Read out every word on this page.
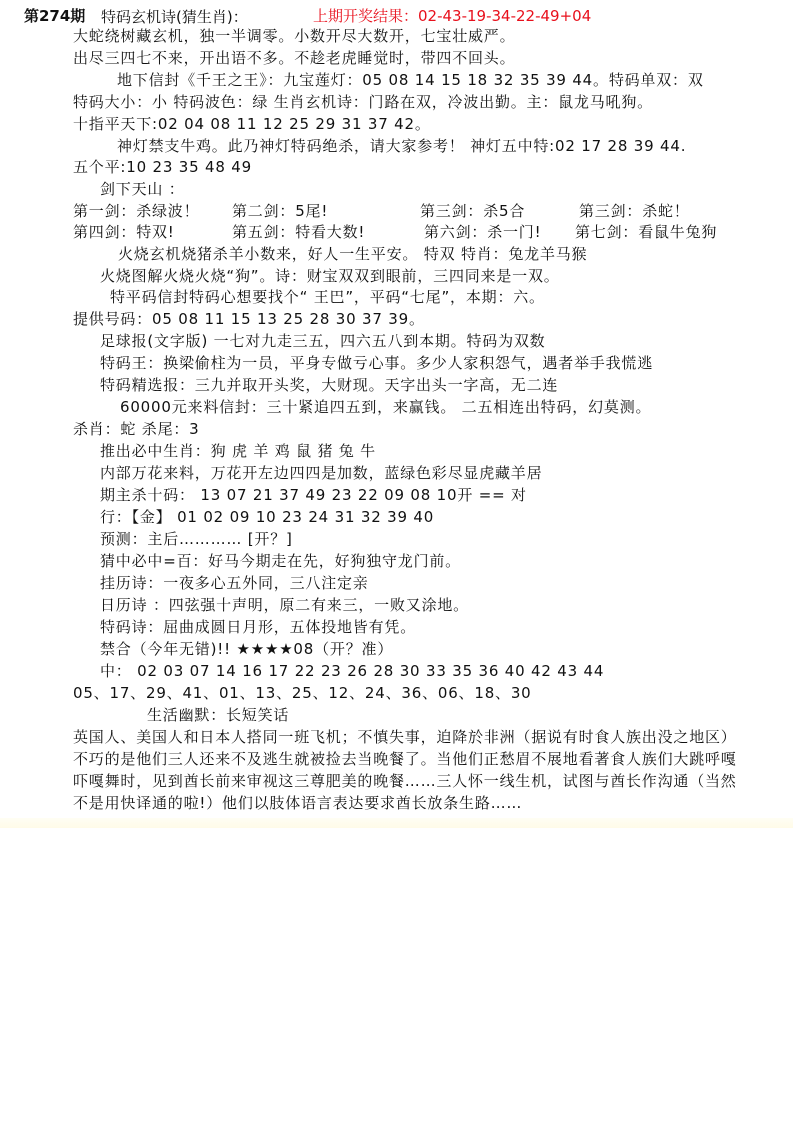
第274期 特码玄机诗(猜生肖)：	上期开奖结果：02-43-19-34-22-49+04
大蛇绕树藏玄机，独一半调零。小数开尽大数开，七宝壮威严。
出尽三四七不来，开出语不多。不趁老虎睡觉时，带四不回头。
地下信封《千王之王》：九宝莲灯：05 08 14 15 18 32 35 39 44。特码单双：双
特码大小：小 特码波色：绿 生肖玄机诗：门路在双，冷波出勤。主：鼠龙马吼狗。
十指平天下:02 04 08 11 12 25 29 31 37 42。
神灯禁支牛鸡。此乃神灯特码绝杀，请大家参考！ 神灯五中特:02 17 28 39 44.
五个平:10 23 35 48 49
剑下天山 ：
第一剑：杀绿波！ 第二剑：5尾!	第三剑：杀5合	第三剑：杀蛇！
第四剑：特双!	第五剑：特看大数!	第六剑：杀一门! 第七剑：看鼠牛兔狗
火烧玄机烧猪杀羊小数来，好人一生平安。 特双 特肖：兔龙羊马猴
火烧图解火烧火烧“狗”。诗：财宝双双到眼前，三四同来是一双。
特平码信封特码心想要找个“ 王巴”，平码“七尾”，本期：六。
提供号码：05 08 11 15 13 25 28 30 37 39。
足球报(文字版) 一七对九走三五，四六五八到本期。特码为双数
特码王：换梁偷柱为一员，平身专做亏心事。多少人家积怨气，遇者举手我慌逃
特码精选报：三九并取开头奖，大财现。天字出头一字高，无二连
60000元来料信封：三十紧追四五到，来赢钱。 二五相连出特码，幻莫测。
杀肖：蛇 杀尾：3
推出必中生肖：狗 虎 羊 鸡 鼠 猪 兔 牛
内部万花来料，万花开左边四四是加数，蓝绿色彩尽显虎藏羊居
期主杀十码： 13 07 21 37 49 23 22 09 08 10开 == 对
行：【金】 01 02 09 10 23 24 31 32 39 40
预测：主后………… [开？]
猜中必中=百：好马今期走在先，好狗独守龙门前。
挂历诗：一夜多心五外同，三八注定亲
日历诗 ：四弦强十声明，原二有来三，一败又涂地。
特码诗：屈曲成圆日月形，五体投地皆有凭。
禁合（今年无错)!! ★★★★08（开？准）
中： 02 03 07 14 16 17 22 23 26 28 30 33 35 36 40 42 43 44
05、17、29、41、01、13、25、12、24、36、06、18、30
生活幽默：长短笑话
英国人、美国人和日本人搭同一班飞机；不慎失事，迫降於非洲（据说有时食人族出没之地区）
不巧的是他们三人还来不及逃生就被捡去当晚餐了。当他们正愁眉不展地看著食人族们大跳呼嘎
吓嘎舞时，见到酋长前来审视这三尊肥美的晚餐……三人怀一线生机，试图与酋长作沟通（当然
不是用快译通的啦!）他们以肢体语言表达要求酋长放条生路……
